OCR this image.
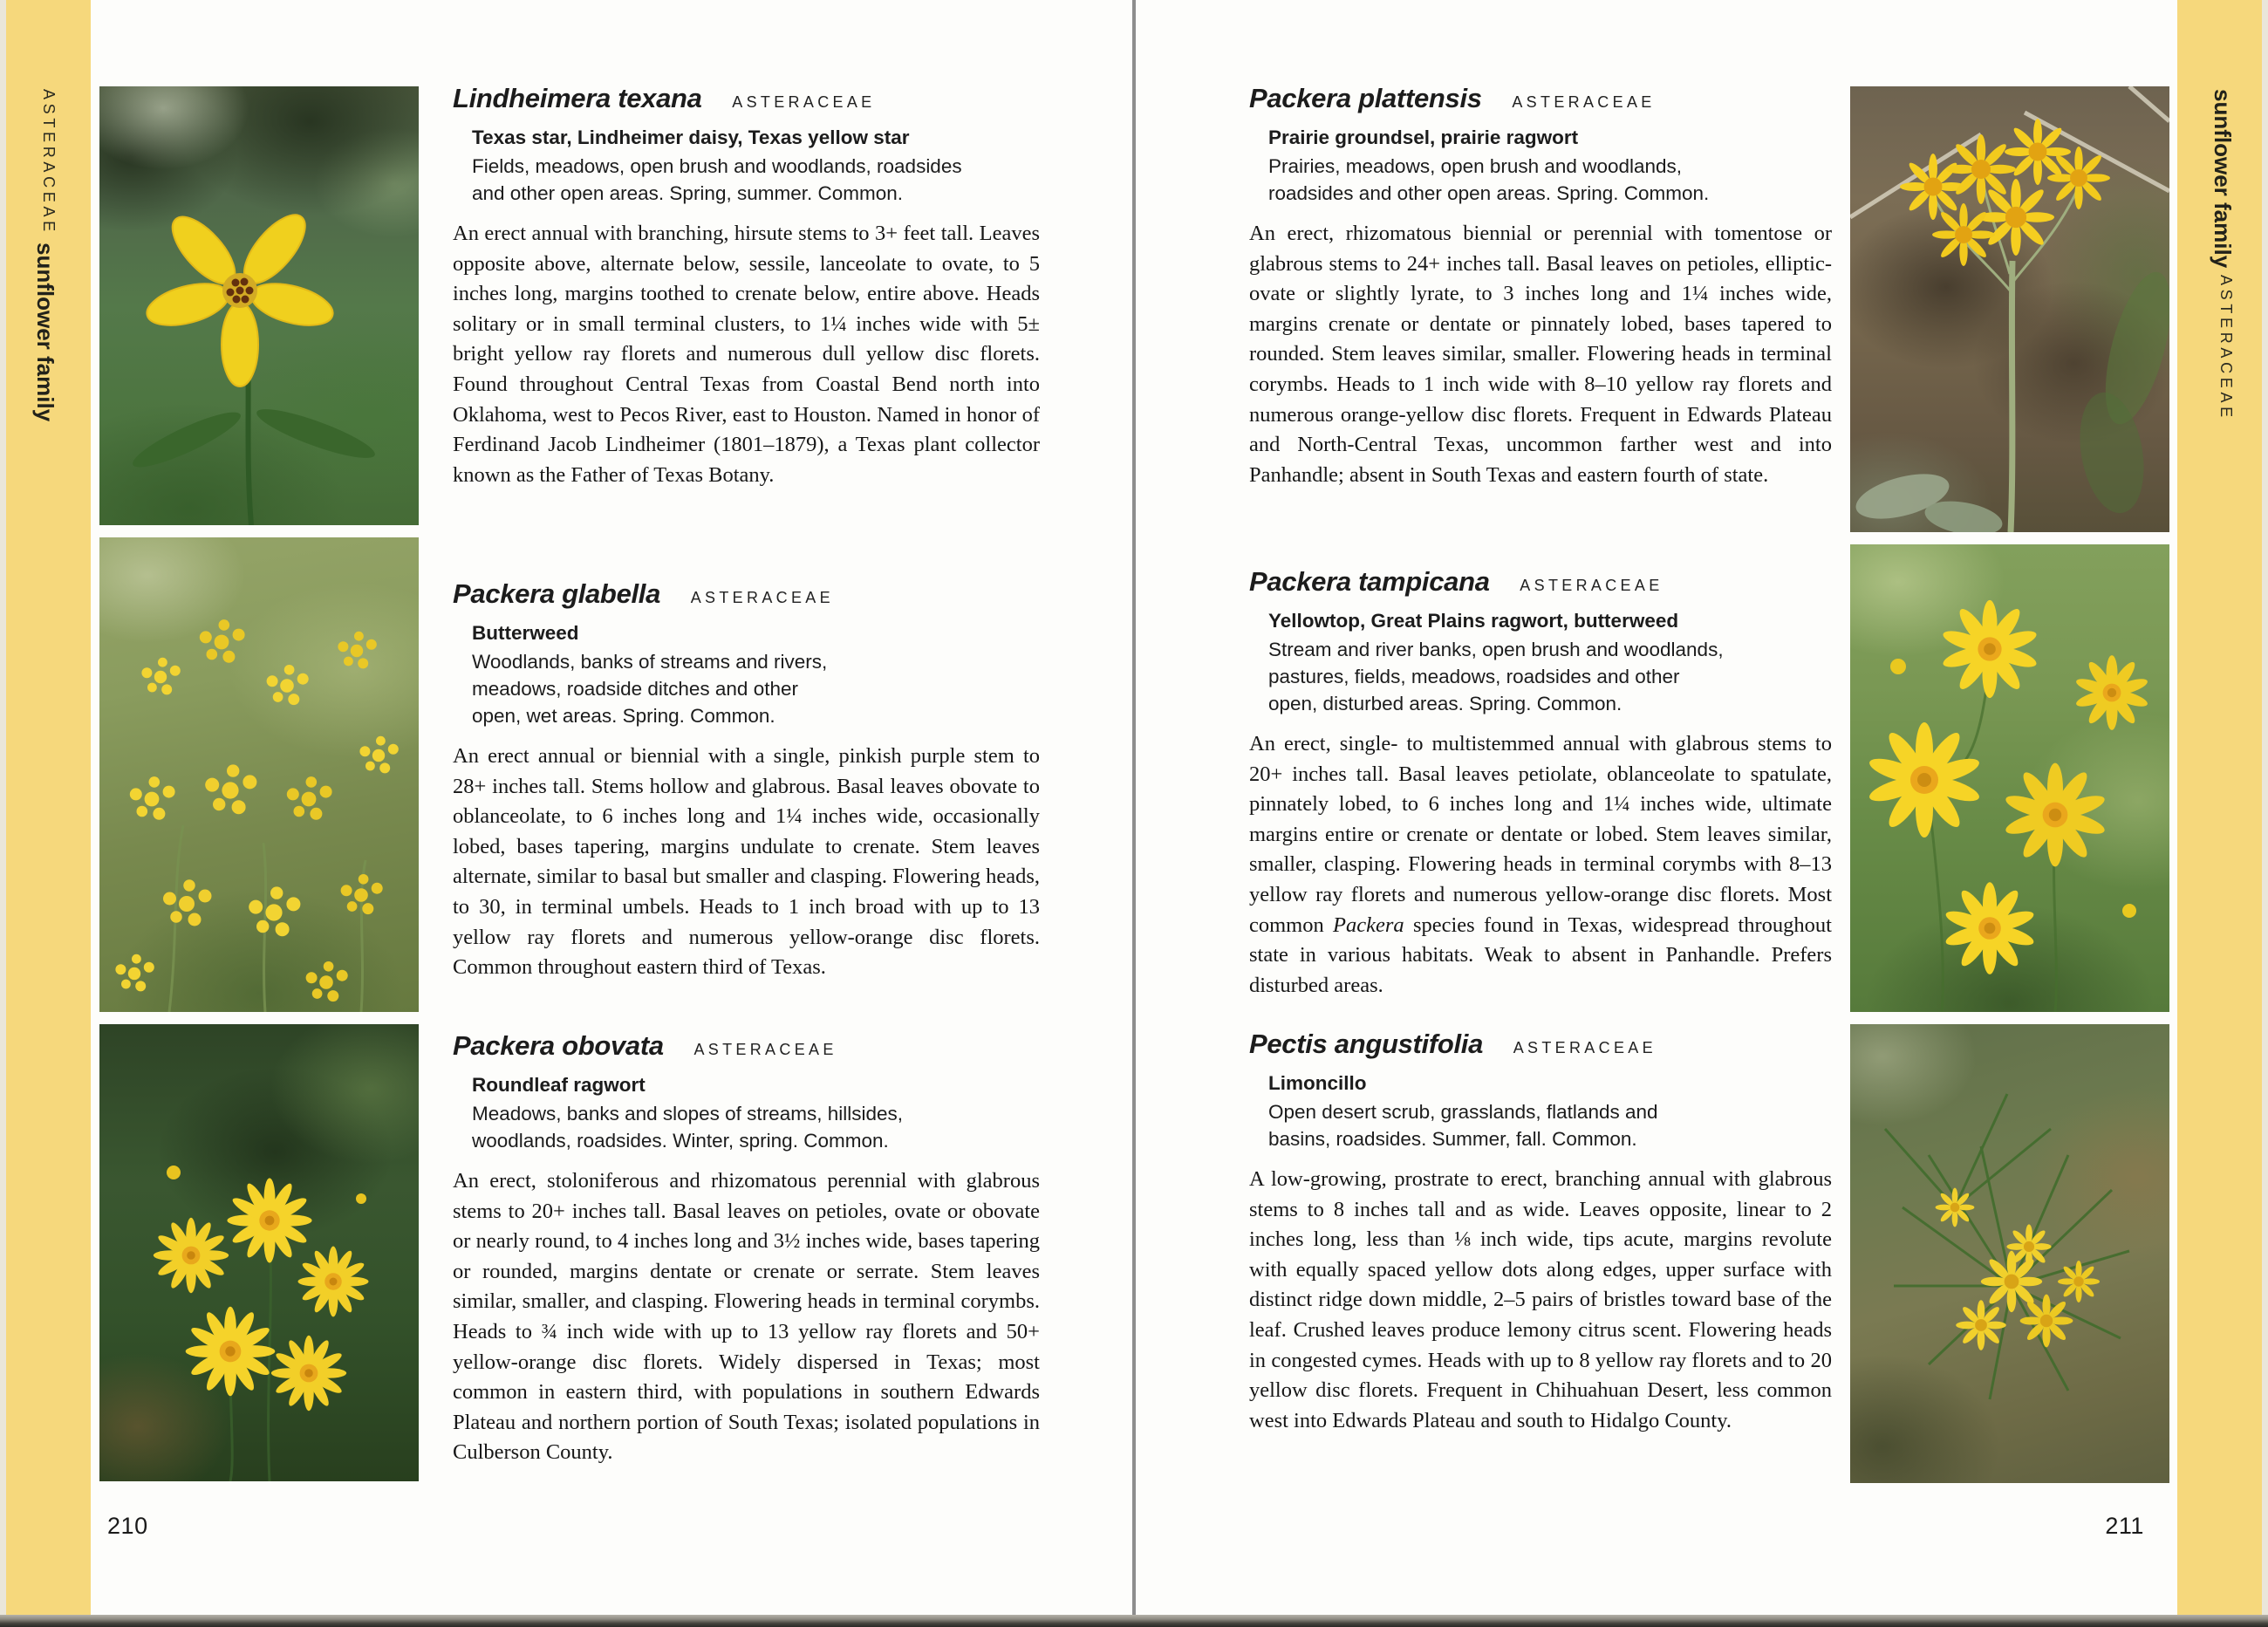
ASTERACEAE
sunflower family
sunflower family
ASTERACEAE
Lindheimera texana ASTERACEAE

Texas star, Lindheimer daisy, Texas yellow star

Fields, meadows, open brush and woodlands, roadsides
and other open areas. Spring, summer. Common.

An erect annual with branching, hirsute stems to 3+ feet tall. Leaves opposite above, alternate below, sessile, lanceolate to ovate, to 5 inches long, margins toothed to crenate below, entire above. Heads solitary or in small terminal clusters, to 1¼ inches wide with 5± bright yellow ray florets and numerous dull yellow disc florets. Found throughout Central Texas from Coastal Bend north into Oklahoma, west to Pecos River, east to Houston. Named in honor of Ferdinand Jacob Lindheimer (1801–1879), a Texas plant collector known as the Father of Texas Botany.

Packera glabella ASTERACEAE

Butterweed

Woodlands, banks of streams and rivers,
meadows, roadside ditches and other
open, wet areas. Spring. Common.

An erect annual or biennial with a single, pinkish purple stem to 28+ inches tall. Stems hollow and glabrous. Basal leaves obovate to oblanceolate, to 6 inches long and 1¼ inches wide, occasionally lobed, bases tapering, margins undulate to crenate. Stem leaves alternate, similar to basal but smaller and clasping. Flowering heads, to 30, in terminal umbels. Heads to 1 inch broad with up to 13 yellow ray florets and numerous yellow-orange disc florets. Common throughout eastern third of Texas.

Packera obovata ASTERACEAE

Roundleaf ragwort

Meadows, banks and slopes of streams, hillsides,
woodlands, roadsides. Winter, spring. Common.

An erect, stoloniferous and rhizomatous perennial with glabrous stems to 20+ inches tall. Basal leaves on petioles, ovate or obovate or nearly round, to 4 inches long and 3½ inches wide, bases tapering or rounded, margins dentate or crenate or serrate. Stem leaves similar, smaller, and clasping. Flowering heads in terminal corymbs. Heads to ¾ inch wide with up to 13 yellow ray florets and 50+ yellow-orange disc florets. Widely dispersed in Texas; most common in eastern third, with populations in southern Edwards Plateau and northern portion of South Texas; isolated populations in Culberson County.

Packera plattensis ASTERACEAE

Prairie groundsel, prairie ragwort

Prairies, meadows, open brush and woodlands,
roadsides and other open areas. Spring. Common.

An erect, rhizomatous biennial or perennial with tomentose or glabrous stems to 24+ inches tall. Basal leaves on petioles, elliptic-ovate or slightly lyrate, to 3 inches long and 1¼ inches wide, margins crenate or dentate or pinnately lobed, bases tapered to rounded. Stem leaves similar, smaller. Flowering heads in terminal corymbs. Heads to 1 inch wide with 8–10 yellow ray florets and numerous orange-yellow disc florets. Frequent in Edwards Plateau and North-Central Texas, uncommon farther west and into Panhandle; absent in South Texas and eastern fourth of state.

Packera tampicana ASTERACEAE

Yellowtop, Great Plains ragwort, butterweed

Stream and river banks, open brush and woodlands,
pastures, fields, meadows, roadsides and other
open, disturbed areas. Spring. Common.

An erect, single- to multistemmed annual with glabrous stems to 20+ inches tall. Basal leaves petiolate, oblanceolate to spatulate, pinnately lobed, to 6 inches long and 1¼ inches wide, ultimate margins entire or crenate or dentate or lobed. Stem leaves similar, smaller, clasping. Flowering heads in terminal corymbs with 8–13 yellow ray florets and numerous yellow-orange disc florets. Most common Packera species found in Texas, widespread throughout state in various habitats. Weak to absent in Panhandle. Prefers disturbed areas.

Pectis angustifolia ASTERACEAE

Limoncillo

Open desert scrub, grasslands, flatlands and
basins, roadsides. Summer, fall. Common.

A low-growing, prostrate to erect, branching annual with glabrous stems to 8 inches tall and as wide. Leaves opposite, linear to 2 inches long, less than ⅛ inch wide, tips acute, margins revolute with equally spaced yellow dots along edges, upper surface with distinct ridge down middle, 2–5 pairs of bristles toward base of the leaf. Crushed leaves produce lemony citrus scent. Flowering heads in congested cymes. Heads with up to 8 yellow ray florets and to 20 yellow disc florets. Frequent in Chihuahuan Desert, less common west into Edwards Plateau and south to Hidalgo County.

210	211
